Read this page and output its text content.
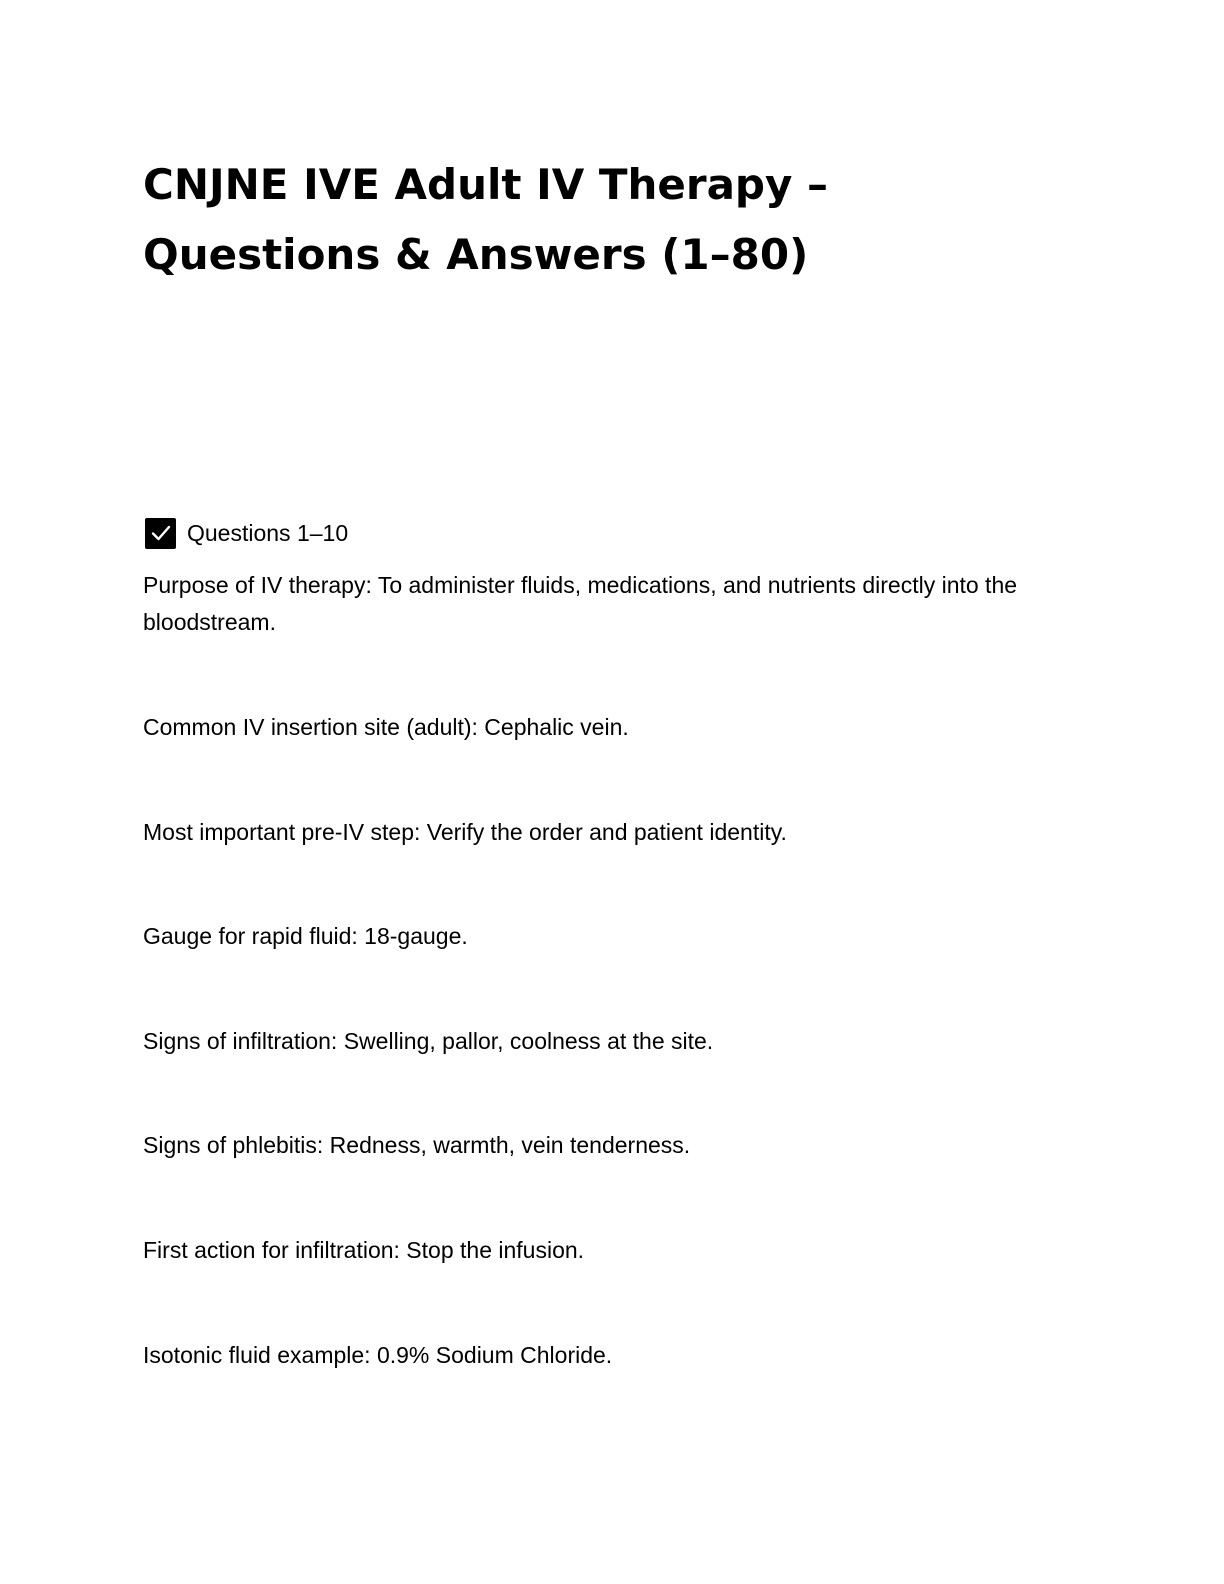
CNJNE IVE Adult IV Therapy –
Questions & Answers (1–80)
Questions 1–10

Purpose of IV therapy: To administer fluids, medications, and nutrients directly into the bloodstream.

Common IV insertion site (adult): Cephalic vein.

Most important pre-IV step: Verify the order and patient identity.

Gauge for rapid fluid: 18-gauge.

Signs of infiltration: Swelling, pallor, coolness at the site.

Signs of phlebitis: Redness, warmth, vein tenderness.

First action for infiltration: Stop the infusion.

Isotonic fluid example: 0.9% Sodium Chloride.
